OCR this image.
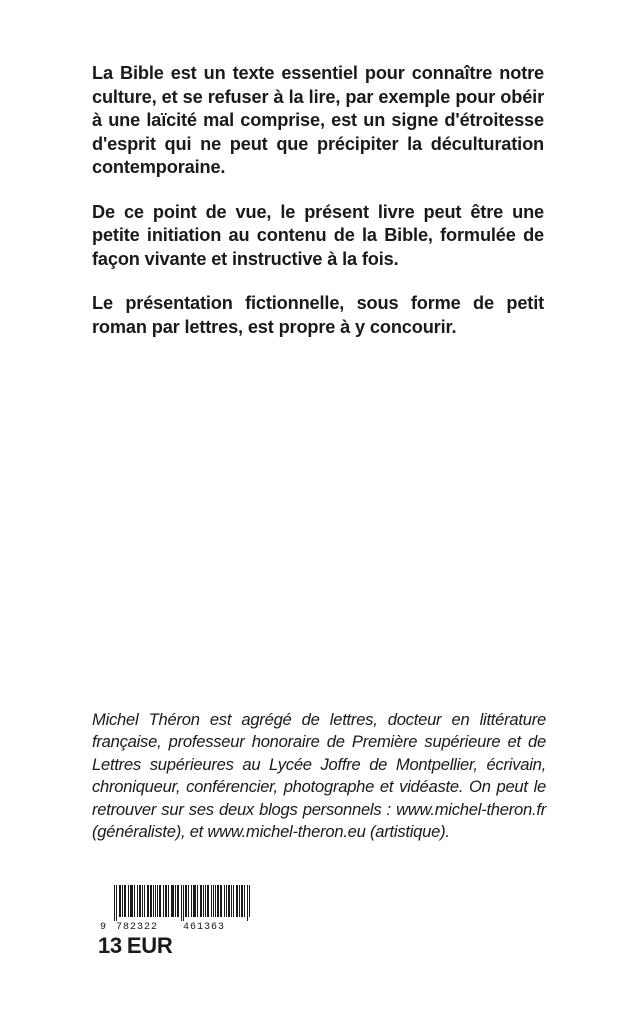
La Bible est un texte essentiel pour connaître notre culture, et se refuser à la lire, par exemple pour obéir à une laïcité mal comprise, est un signe d'étroitesse d'esprit qui ne peut que précipiter la déculturation contemporaine.

De ce point de vue, le présent livre peut être une petite initiation au contenu de la Bible, formulée de façon vivante et instructive à la fois.

Le présentation fictionnelle, sous forme de petit roman par lettres, est propre à y concourir.

Michel Théron est agrégé de lettres, docteur en littérature française, professeur honoraire de Première supérieure et de Lettres supérieures au Lycée Joffre de Montpellier, écrivain, chroniqueur, conférencier, photographe et vidéaste. On peut le retrouver sur ses deux blogs personnels : www.michel-theron.fr (généraliste), et www.michel-theron.eu (artistique).

9 782322 461363

13 EUR
